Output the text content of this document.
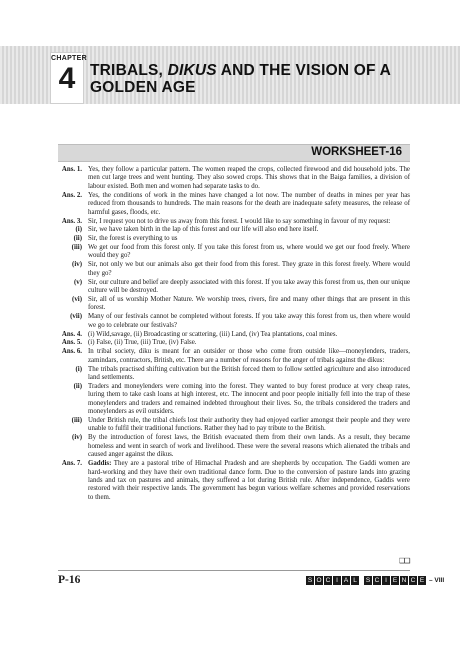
CHAPTER
4 TRIBALS, DIKUS AND THE VISION OF A GOLDEN AGE
WORKSHEET-16
Ans. 1. Yes, they follow a particular pattern. The women reaped the crops, collected firewood and did household jobs. The men cut large trees and went hunting. They also sowed crops. This shows that in the Baiga families, a division of labour existed. Both men and women had separate tasks to do.
Ans. 2. Yes, the conditions of work in the mines have changed a lot now. The number of deaths in mines per year has reduced from thousands to hundreds. The main reasons for the death are inadequate safety measures, the release of harmful gases, floods, etc.
Ans. 3. Sir, I request you not to drive us away from this forest. I would like to say something in favour of my request:
(i) Sir, we have taken birth in the lap of this forest and our life will also end here itself.
(ii) Sir, the forest is everything to us
(iii) We get our food from this forest only. If you take this forest from us, where would we get our food freely. Where would they go?
(iv) Sir, not only we but our animals also get their food from this forest. They graze in this forest freely. Where would they go?
(v) Sir, our culture and belief are deeply associated with this forest. If you take away this forest from us, then our unique culture will be destroyed.
(vi) Sir, all of us worship Mother Nature. We worship trees, rivers, fire and many other things that are present in this forest.
(vii) Many of our festivals cannot be completed without forests. If you take away this forest from us, then where would we go to celebrate our festivals?
Ans. 4. (i) Wild,savage, (ii) Broadcasting or scattering, (iii) Land, (iv) Tea plantations, coal mines.
Ans. 5. (i) False, (ii) True, (iii) True, (iv) False.
Ans. 6. In tribal society, diku is meant for an outsider or those who come from outside like—moneylenders, traders, zamindars, contractors, British, etc. There are a number of reasons for the anger of tribals against the dikus:
(i) The tribals practised shifting cultivation but the British forced them to follow settled agriculture and also introduced land settlements.
(ii) Traders and moneylenders were coming into the forest. They wanted to buy forest produce at very cheap rates, luring them to take cash loans at high interest, etc. The innocent and poor people initially fell into the trap of these moneylenders and traders and remained indebted throughout their lives. So, the tribals considered the traders and moneylenders as evil outsiders.
(iii) Under British rule, the tribal chiefs lost their authority they had enjoyed earlier amongst their people and they were unable to fulfil their traditional functions. Rather they had to pay tribute to the British.
(iv) By the introduction of forest laws, the British evacuated them from their own lands. As a result, they became homeless and went in search of work and livelihood. These were the several reasons which alienated the tribals and caused anger against the dikus.
Ans. 7. Gaddis: They are a pastoral tribe of Himachal Pradesh and are shepherds by occupation. The Gaddi women are hard-working and they have their own traditional dance form. Due to the conversion of pasture lands into grazing lands and tax on pastures and animals, they suffered a lot during British rule. After independence, Gaddis were restored with their respective lands. The government has begun various welfare schemes and provided reservations to them.
❑❑
P-16	S O C I A L	S C I E N C E – VIII
